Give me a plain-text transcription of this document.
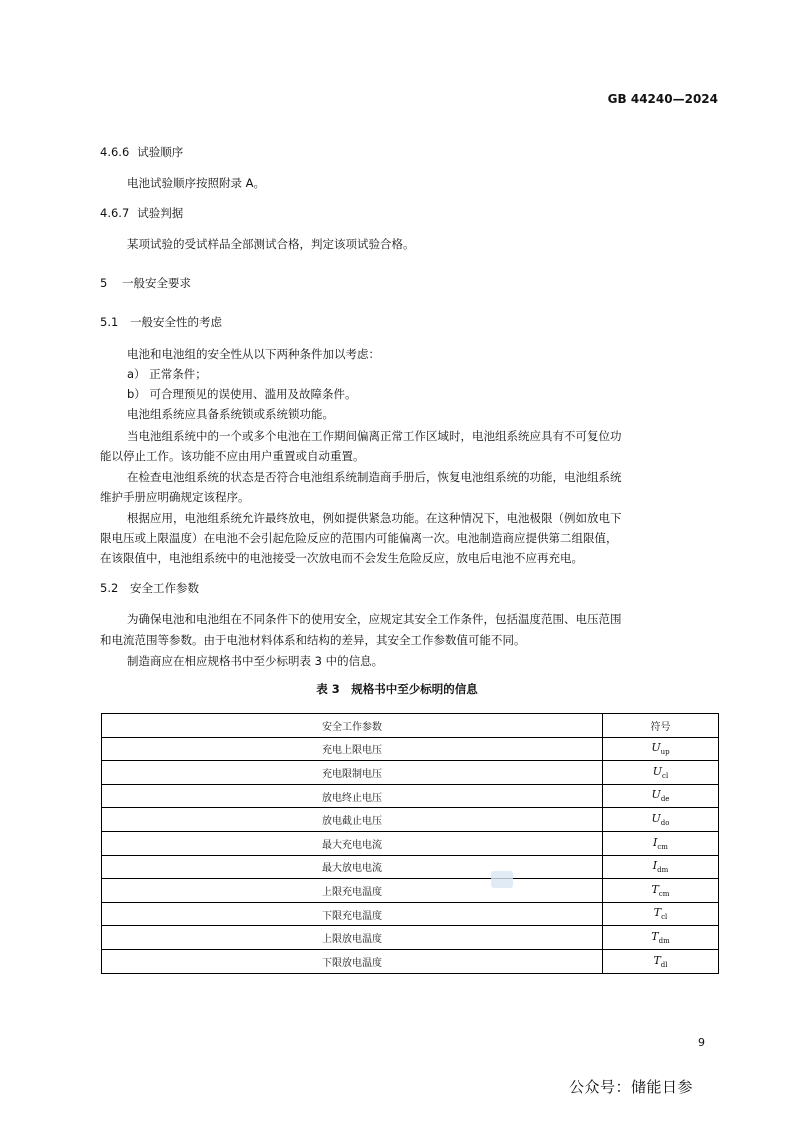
GB 44240—2024
4.6.6 试验顺序
电池试验顺序按照附录 A。
4.6.7 试验判据
某项试验的受试样品全部测试合格，判定该项试验合格。
5 一般安全要求
5.1 一般安全性的考虑
电池和电池组的安全性从以下两种条件加以考虑：
a） 正常条件；
b） 可合理预见的误使用、滥用及故障条件。
电池组系统应具备系统锁或系统锁功能。
当电池组系统中的一个或多个电池在工作期间偏离正常工作区域时，电池组系统应具有不可复位功
能以停止工作。该功能不应由用户重置或自动重置。
在检查电池组系统的状态是否符合电池组系统制造商手册后，恢复电池组系统的功能，电池组系统
维护手册应明确规定该程序。
根据应用，电池组系统允许最终放电，例如提供紧急功能。在这种情况下，电池极限（例如放电下
限电压或上限温度）在电池不会引起危险反应的范围内可能偏离一次。电池制造商应提供第二组限值，
在该限值中，电池组系统中的电池接受一次放电而不会发生危险反应，放电后电池不应再充电。
5.2 安全工作参数
为确保电池和电池组在不同条件下的使用安全，应规定其安全工作条件，包括温度范围、电压范围
和电流范围等参数。由于电池材料体系和结构的差异，其安全工作参数值可能不同。
制造商应在相应规格书中至少标明表 3 中的信息。
表 3　规格书中至少标明的信息
安全工作参数	符号
充电上限电压	$U_{up}$
充电限制电压	$U_{cl}$
放电终止电压	$U_{de}$
放电截止电压	$U_{do}$
最大充电电流	$I_{cm}$
最大放电电流	$I_{dm}$
上限充电温度	$T_{cm}$
下限充电温度	$T_{cl}$
上限放电温度	$T_{dm}$
下限放电温度	$T_{dl}$
9
公众号：储能日参
